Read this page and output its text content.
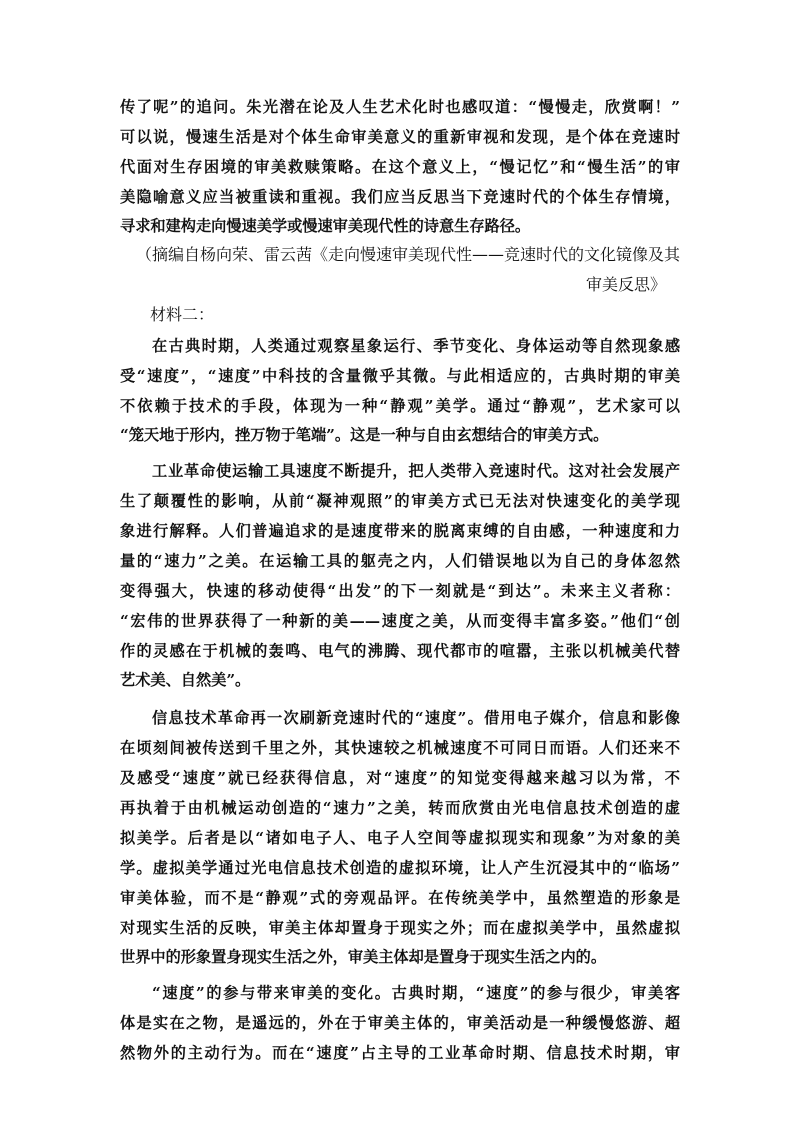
传了呢”的追问。朱光潜在论及人生艺术化时也感叹道：“慢慢走，欣赏啊！”
可以说，慢速生活是对个体生命审美意义的重新审视和发现，是个体在竞速时
代面对生存困境的审美救赎策略。在这个意义上，“慢记忆”和“慢生活”的审
美隐喻意义应当被重读和重视。我们应当反思当下竞速时代的个体生存情境，
寻求和建构走向慢速美学或慢速审美现代性的诗意生存路径。
（摘编自杨向荣、雷云茜《走向慢速审美现代性——竞速时代的文化镜像及其
审美反思》
材料二：
在古典时期，人类通过观察星象运行、季节变化、身体运动等自然现象感
受“速度”，“速度”中科技的含量微乎其微。与此相适应的，古典时期的审美
不依赖于技术的手段，体现为一种“静观”美学。通过“静观”，艺术家可以
“笼天地于形内，挫万物于笔端”。这是一种与自由玄想结合的审美方式。
工业革命使运输工具速度不断提升，把人类带入竞速时代。这对社会发展产
生了颠覆性的影响，从前“凝神观照”的审美方式已无法对快速变化的美学现
象进行解释。人们普遍追求的是速度带来的脱离束缚的自由感，一种速度和力
量的“速力”之美。在运输工具的躯壳之内，人们错误地以为自己的身体忽然
变得强大，快速的移动使得“出发”的下一刻就是“到达”。未来主义者称：
“宏伟的世界获得了一种新的美——速度之美，从而变得丰富多姿。”他们“创
作的灵感在于机械的轰鸣、电气的沸腾、现代都市的喧嚣，主张以机械美代替
艺术美、自然美”。
信息技术革命再一次刷新竞速时代的“速度”。借用电子媒介，信息和影像
在顷刻间被传送到千里之外，其快速较之机械速度不可同日而语。人们还来不
及感受“速度”就已经获得信息，对“速度”的知觉变得越来越习以为常，不
再执着于由机械运动创造的“速力”之美，转而欣赏由光电信息技术创造的虚
拟美学。后者是以“诸如电子人、电子人空间等虚拟现实和现象”为对象的美
学。虚拟美学通过光电信息技术创造的虚拟环境，让人产生沉浸其中的“临场”
审美体验，而不是“静观”式的旁观品评。在传统美学中，虽然塑造的形象是
对现实生活的反映，审美主体却置身于现实之外；而在虚拟美学中，虽然虚拟
世界中的形象置身现实生活之外，审美主体却是置身于现实生活之内的。
“速度”的参与带来审美的变化。古典时期，“速度”的参与很少，审美客
体是实在之物，是遥远的，外在于审美主体的，审美活动是一种缓慢悠游、超
然物外的主动行为。而在“速度”占主导的工业革命时期、信息技术时期，审
